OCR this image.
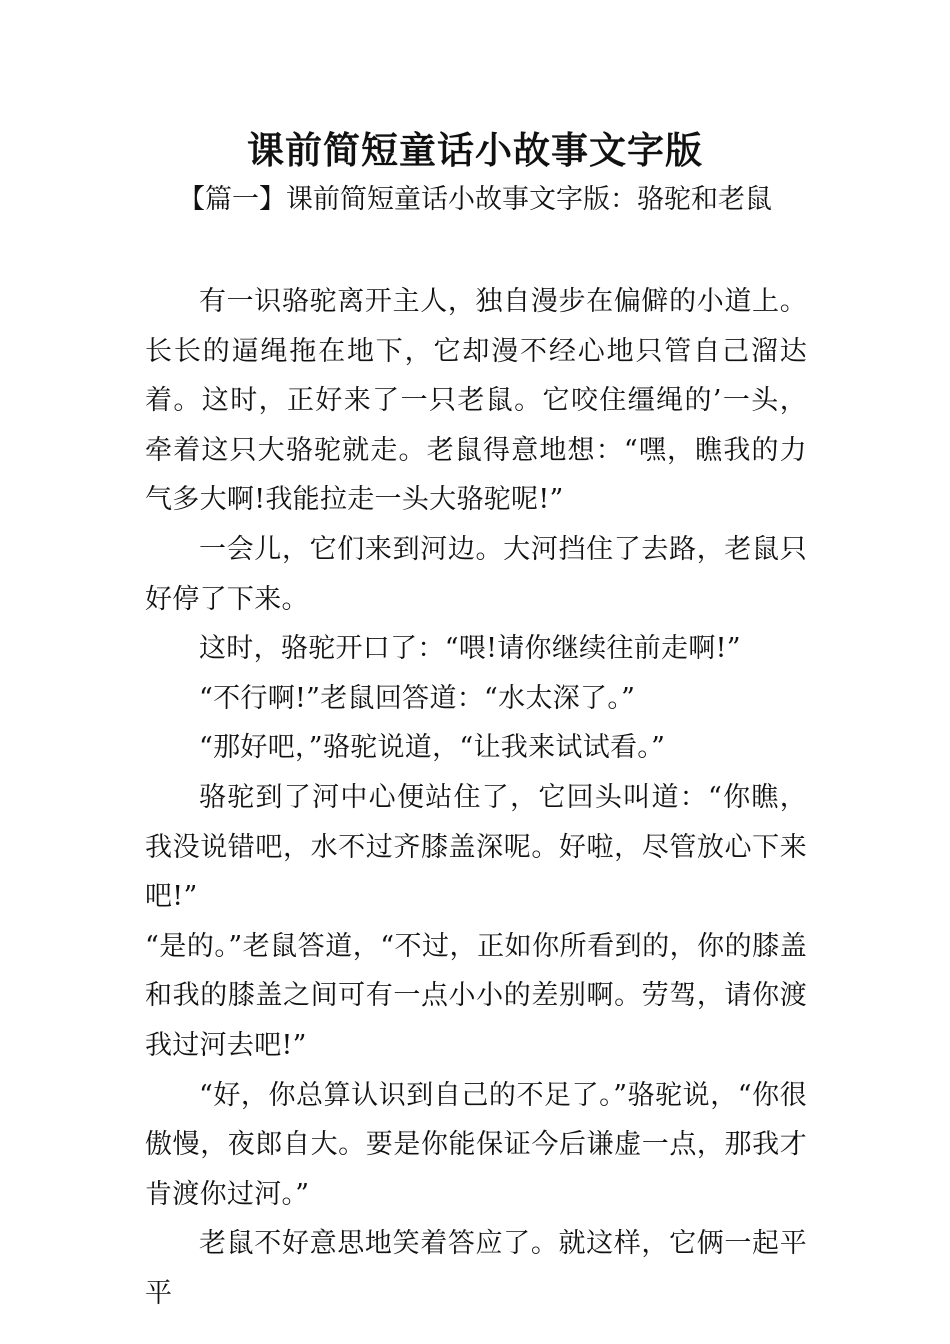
课前简短童话小故事文字版
【篇一】课前简短童话小故事文字版：骆驼和老鼠

有一识骆驼离开主人，独自漫步在偏僻的小道上。长长的逼绳拖在地下，它却漫不经心地只管自己溜达着。这时，正好来了一只老鼠。它咬住缰绳的’一头，牵着这只大骆驼就走。老鼠得意地想：“嘿，瞧我的力气多大啊!我能拉走一头大骆驼呢!”

一会儿，它们来到河边。大河挡住了去路，老鼠只好停了下来。

这时，骆驼开口了：“喂!请你继续往前走啊!”

“不行啊!”老鼠回答道：“水太深了。”

“那好吧，”骆驼说道，“让我来试试看。”

骆驼到了河中心便站住了，它回头叫道：“你瞧，我没说错吧，水不过齐膝盖深呢。好啦，尽管放心下来吧!”

“是的。”老鼠答道，“不过，正如你所看到的，你的膝盖和我的膝盖之间可有一点小小的差别啊。劳驾，请你渡我过河去吧!”

“好，你总算认识到自己的不足了。”骆驼说，“你很傲慢，夜郎自大。要是你能保证今后谦虚一点，那我才肯渡你过河。”

老鼠不好意思地笑着答应了。就这样，它俩一起平平
